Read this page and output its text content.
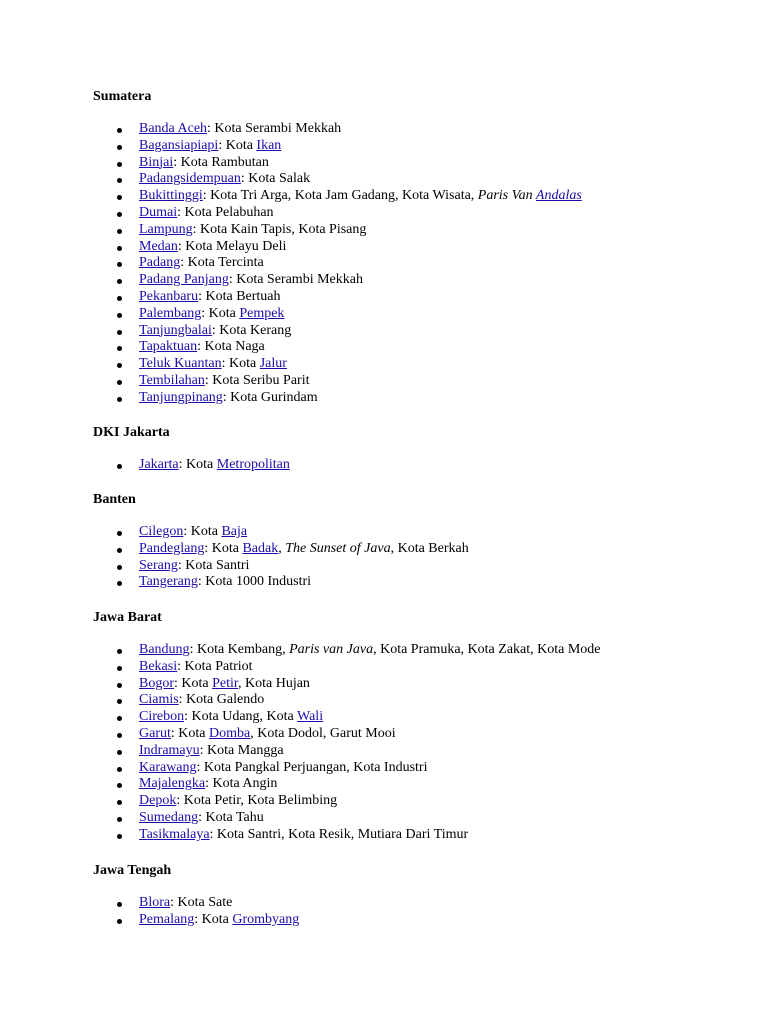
Sumatera
Banda Aceh: Kota Serambi Mekkah
Bagansiapiapi: Kota Ikan
Binjai: Kota Rambutan
Padangsidempuan: Kota Salak
Bukittinggi: Kota Tri Arga, Kota Jam Gadang, Kota Wisata, Paris Van Andalas
Dumai: Kota Pelabuhan
Lampung: Kota Kain Tapis, Kota Pisang
Medan: Kota Melayu Deli
Padang: Kota Tercinta
Padang Panjang: Kota Serambi Mekkah
Pekanbaru: Kota Bertuah
Palembang: Kota Pempek
Tanjungbalai: Kota Kerang
Tapaktuan: Kota Naga
Teluk Kuantan: Kota Jalur
Tembilahan: Kota Seribu Parit
Tanjungpinang: Kota Gurindam
DKI Jakarta
Jakarta: Kota Metropolitan
Banten
Cilegon: Kota Baja
Pandeglang: Kota Badak, The Sunset of Java, Kota Berkah
Serang: Kota Santri
Tangerang: Kota 1000 Industri
Jawa Barat
Bandung: Kota Kembang, Paris van Java, Kota Pramuka, Kota Zakat, Kota Mode
Bekasi: Kota Patriot
Bogor: Kota Petir, Kota Hujan
Ciamis: Kota Galendo
Cirebon: Kota Udang, Kota Wali
Garut: Kota Domba, Kota Dodol, Garut Mooi
Indramayu: Kota Mangga
Karawang: Kota Pangkal Perjuangan, Kota Industri
Majalengka: Kota Angin
Depok: Kota Petir, Kota Belimbing
Sumedang: Kota Tahu
Tasikmalaya: Kota Santri, Kota Resik, Mutiara Dari Timur
Jawa Tengah
Blora: Kota Sate
Pemalang: Kota Grombyang
